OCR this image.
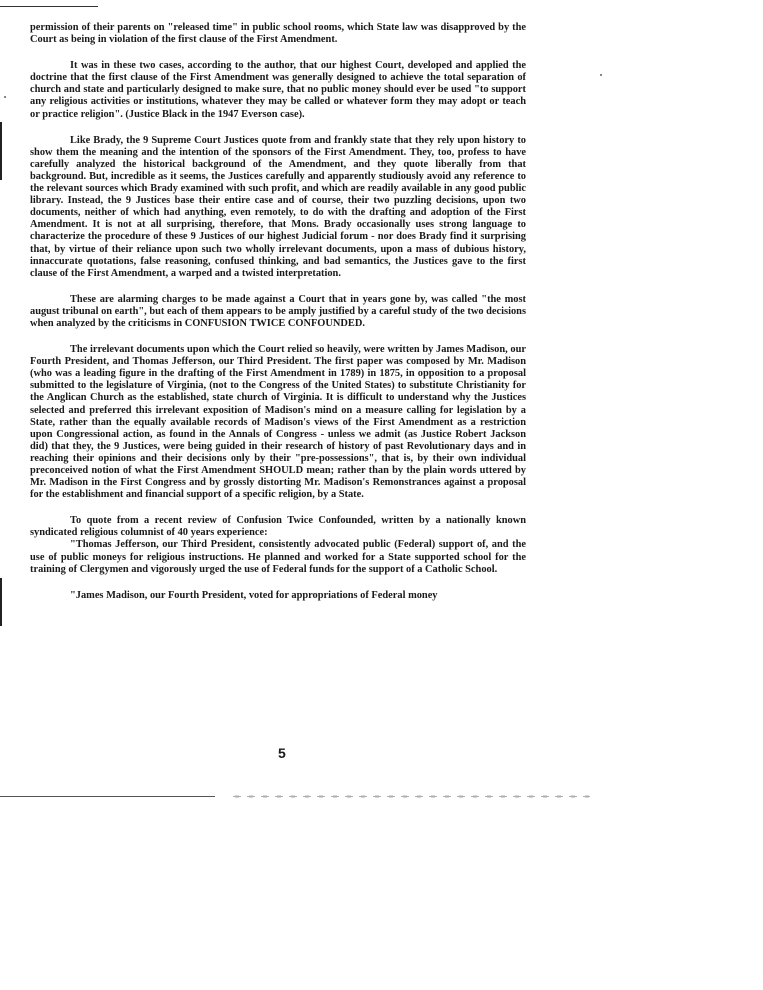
permission of their parents on "released time" in public school rooms, which State law was disapproved by the Court as being in violation of the first clause of the First Amendment.

It was in these two cases, according to the author, that our highest Court, developed and applied the doctrine that the first clause of the First Amendment was generally designed to achieve the total separation of church and state and particularly designed to make sure, that no public money should ever be used "to support any religious activities or institutions, whatever they may be called or whatever form they may adopt or teach or practice religion". (Justice Black in the 1947 Everson case).

Like Brady, the 9 Supreme Court Justices quote from and frankly state that they rely upon history to show them the meaning and the intention of the sponsors of the First Amendment. They, too, profess to have carefully analyzed the historical background of the Amendment, and they quote liberally from that background. But, incredible as it seems, the Justices carefully and apparently studiously avoid any reference to the relevant sources which Brady examined with such profit, and which are readily available in any good public library. Instead, the 9 Justices base their entire case and of course, their two puzzling decisions, upon two documents, neither of which had anything, even remotely, to do with the drafting and adoption of the First Amendment. It is not at all surprising, therefore, that Mons. Brady occasionally uses strong language to characterize the procedure of these 9 Justices of our highest Judicial forum - nor does Brady find it surprising that, by virtue of their reliance upon such two wholly irrelevant documents, upon a mass of dubious history, innaccurate quotations, false reasoning, confused thinking, and bad semantics, the Justices gave to the first clause of the First Amendment, a warped and a twisted interpretation.

These are alarming charges to be made against a Court that in years gone by, was called "the most august tribunal on earth", but each of them appears to be amply justified by a careful study of the two decisions when analyzed by the criticisms in CONFUSION TWICE CONFOUNDED.

The irrelevant documents upon which the Court relied so heavily, were written by James Madison, our Fourth President, and Thomas Jefferson, our Third President. The first paper was composed by Mr. Madison (who was a leading figure in the drafting of the First Amendment in 1789) in 1875, in opposition to a proposal submitted to the legislature of Virginia, (not to the Congress of the United States) to substitute Christianity for the Anglican Church as the established, state church of Virginia. It is difficult to understand why the Justices selected and preferred this irrelevant exposition of Madison's mind on a measure calling for legislation by a State, rather than the equally available records of Madison's views of the First Amendment as a restriction upon Congressional action, as found in the Annals of Congress - unless we admit (as Justice Robert Jackson did) that they, the 9 Justices, were being guided in their research of history of past Revolutionary days and in reaching their opinions and their decisions only by their "pre-possessions", that is, by their own individual preconceived notion of what the First Amendment SHOULD mean; rather than by the plain words uttered by Mr. Madison in the First Congress and by grossly distorting Mr. Madison's Remonstrances against a proposal for the establishment and financial support of a specific religion, by a State.

To quote from a recent review of Confusion Twice Confounded, written by a nationally known syndicated religious columnist of 40 years experience:

"Thomas Jefferson, our Third President, consistently advocated public (Federal) support of, and the use of public moneys for religious instructions. He planned and worked for a State supported school for the training of Clergymen and vigorously urged the use of Federal funds for the support of a Catholic School.

"James Madison, our Fourth President, voted for appropriations of Federal money

5
